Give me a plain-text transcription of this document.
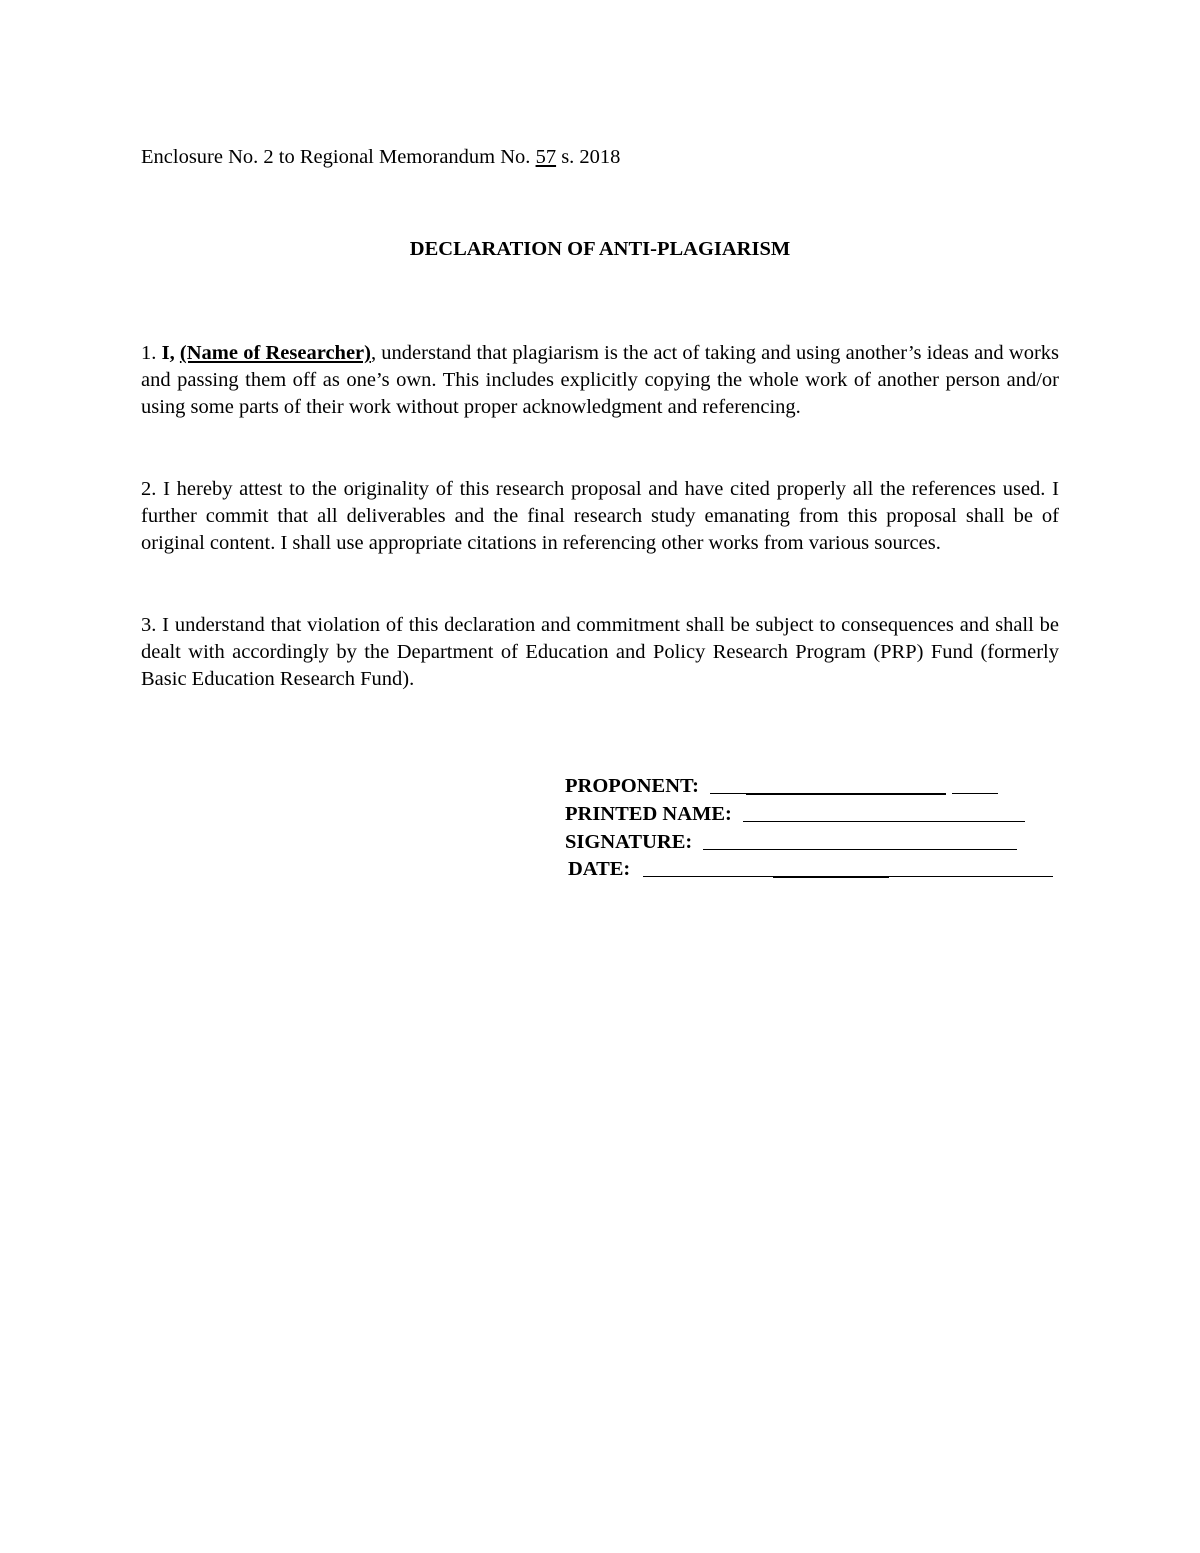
Enclosure No. 2 to Regional Memorandum No. 57 s. 2018
DECLARATION OF ANTI-PLAGIARISM

1. I, (Name of Researcher), understand that plagiarism is the act of taking and using another’s ideas and works and passing them off as one’s own. This includes explicitly copying the whole work of another person and/or using some parts of their work without proper acknowledgment and referencing.

2. I hereby attest to the originality of this research proposal and have cited properly all the references used. I further commit that all deliverables and the final research study emanating from this proposal shall be of original content. I shall use appropriate citations in referencing other works from various sources.

3. I understand that violation of this declaration and commitment shall be subject to consequences and shall be dealt with accordingly by the Department of Education and Policy Research Program (PRP) Fund (formerly Basic Education Research Fund).

PROPONENT:
PRINTED NAME:
SIGNATURE:
DATE:
